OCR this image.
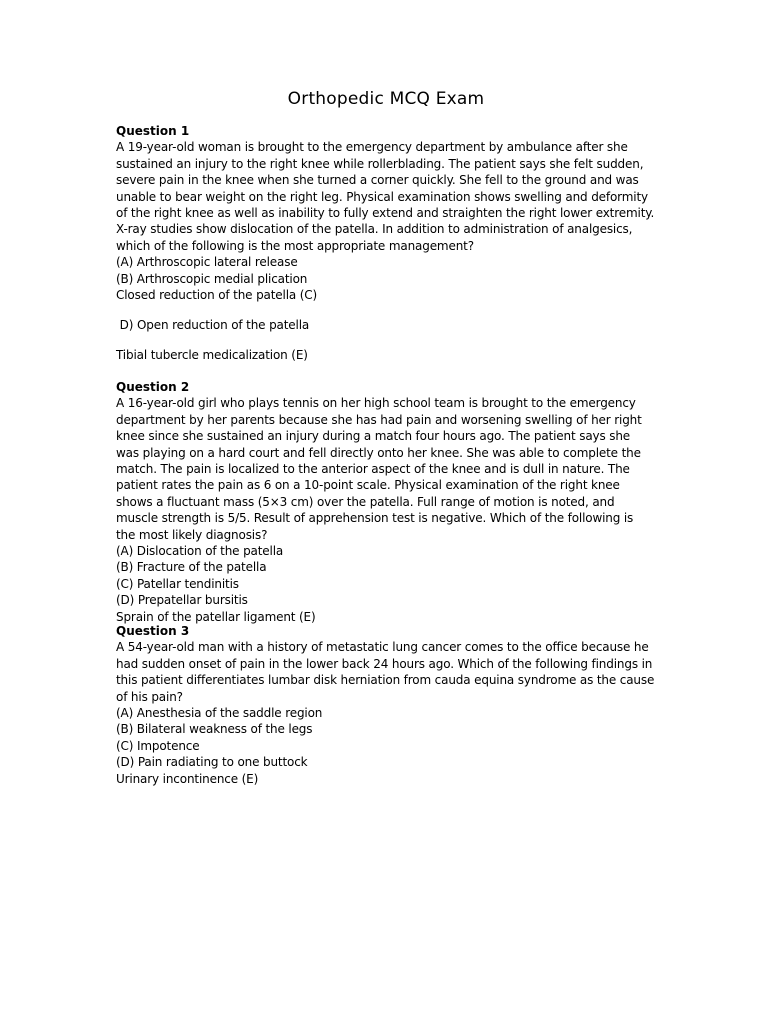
Orthopedic MCQ Exam

Question 1

A 19-year-old woman is brought to the emergency department by ambulance after she sustained an injury to the right knee while rollerblading. The patient says she felt sudden, severe pain in the knee when she turned a corner quickly. She fell to the ground and was unable to bear weight on the right leg. Physical examination shows swelling and deformity of the right knee as well as inability to fully extend and straighten the right lower extremity. X-ray studies show dislocation of the patella. In addition to administration of analgesics, which of the following is the most appropriate management?

(A) Arthroscopic lateral release

(B) Arthroscopic medial plication

Closed reduction of the patella (C)

D) Open reduction of the patella

Tibial tubercle medicalization (E)

Question 2

A 16-year-old girl who plays tennis on her high school team is brought to the emergency department by her parents because she has had pain and worsening swelling of her right knee since she sustained an injury during a match four hours ago. The patient says she was playing on a hard court and fell directly onto her knee. She was able to complete the match. The pain is localized to the anterior aspect of the knee and is dull in nature. The patient rates the pain as 6 on a 10-point scale. Physical examination of the right knee shows a fluctuant mass (5×3 cm) over the patella. Full range of motion is noted, and muscle strength is 5/5. Result of apprehension test is negative. Which of the following is the most likely diagnosis?

(A) Dislocation of the patella

(B) Fracture of the patella

(C) Patellar tendinitis

(D) Prepatellar bursitis

Sprain of the patellar ligament (E)

Question 3

A 54-year-old man with a history of metastatic lung cancer comes to the office because he had sudden onset of pain in the lower back 24 hours ago. Which of the following findings in this patient differentiates lumbar disk herniation from cauda equina syndrome as the cause of his pain?

(A) Anesthesia of the saddle region

(B) Bilateral weakness of the legs

(C) Impotence

(D) Pain radiating to one buttock

Urinary incontinence (E)
